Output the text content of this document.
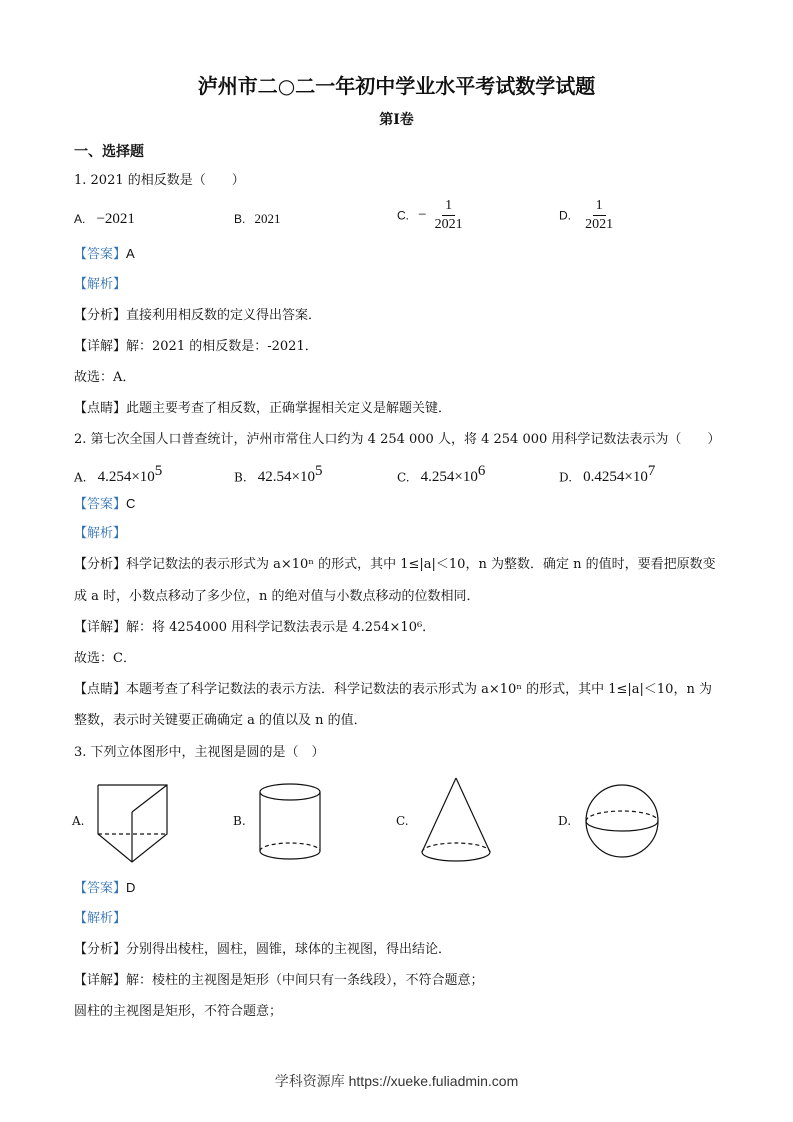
泸州市二○二一年初中学业水平考试数学试题
第Ⅰ卷
一、选择题
1. 2021 的相反数是（　　）
A. −2021	B. 2021	C. − $\frac{1}{2021}$	D. $\frac{1}{2021}$
【答案】A
【解析】
【分析】直接利用相反数的定义得出答案．
【详解】解：2021 的相反数是：-2021．
故选：A．
【点睛】此题主要考查了相反数，正确掌握相关定义是解题关键．
2. 第七次全国人口普查统计，泸州市常住人口约为 4 254 000 人，将 4 254 000 用科学记数法表示为（　　）
A. $4.254\times 10^5$	B. $42.54\times 10^5$	C. $4.254\times 10^6$	D. $0.4254\times 10^7$
【答案】C
【解析】
【分析】科学记数法的表示形式为 a×10ⁿ 的形式，其中 1≤|a|＜10，n 为整数．确定 n 的值时，要看把原数变
成 a 时，小数点移动了多少位，n 的绝对值与小数点移动的位数相同．
【详解】解：将 4254000 用科学记数法表示是 4.254×10⁶．
故选：C．
【点睛】本题考查了科学记数法的表示方法．科学记数法的表示形式为 a×10ⁿ 的形式，其中 1≤|a|＜10，n 为
整数，表示时关键要正确确定 a 的值以及 n 的值．
3. 下列立体图形中，主视图是圆的是（　）
A.	B.	C.	D.
【答案】D
【解析】
【分析】分别得出棱柱，圆柱，圆锥，球体的主视图，得出结论．
【详解】解：棱柱的主视图是矩形（中间只有一条线段），不符合题意；
圆柱的主视图是矩形，不符合题意；
学科资源库 https://xueke.fuliadmin.com
